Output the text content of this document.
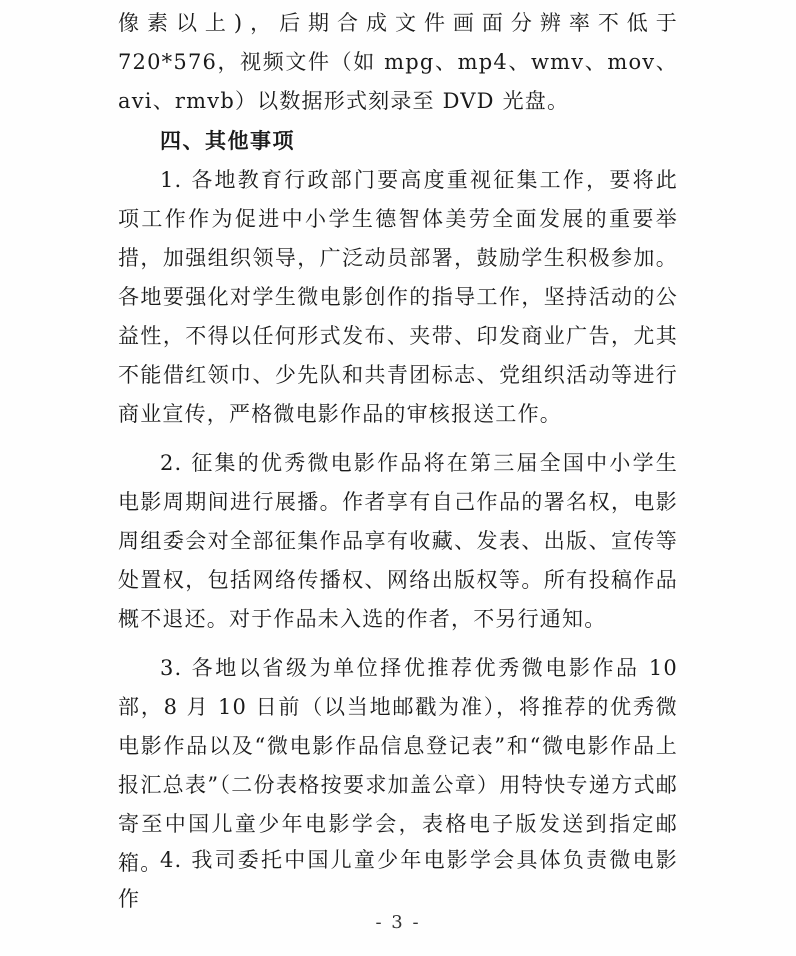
像素以上)，后期合成文件画面分辨率不低于 720*576，视频文件（如 mpg、mp4、wmv、mov、avi、rmvb）以数据形式刻录至 DVD 光盘。
四、其他事项
1. 各地教育行政部门要高度重视征集工作，要将此项工作作为促进中小学生德智体美劳全面发展的重要举措，加强组织领导，广泛动员部署，鼓励学生积极参加。各地要强化对学生微电影创作的指导工作，坚持活动的公益性，不得以任何形式发布、夹带、印发商业广告，尤其不能借红领巾、少先队和共青团标志、党组织活动等进行商业宣传，严格微电影作品的审核报送工作。
2. 征集的优秀微电影作品将在第三届全国中小学生电影周期间进行展播。作者享有自己作品的署名权，电影周组委会对全部征集作品享有收藏、发表、出版、宣传等处置权，包括网络传播权、网络出版权等。所有投稿作品概不退还。对于作品未入选的作者，不另行通知。
3. 各地以省级为单位择优推荐优秀微电影作品 10 部，8 月 10 日前（以当地邮戳为准），将推荐的优秀微电影作品以及“微电影作品信息登记表”和“微电影作品上报汇总表”（二份表格按要求加盖公章）用特快专递方式邮寄至中国儿童少年电影学会，表格电子版发送到指定邮箱。
4. 我司委托中国儿童少年电影学会具体负责微电影作
- 3 -
